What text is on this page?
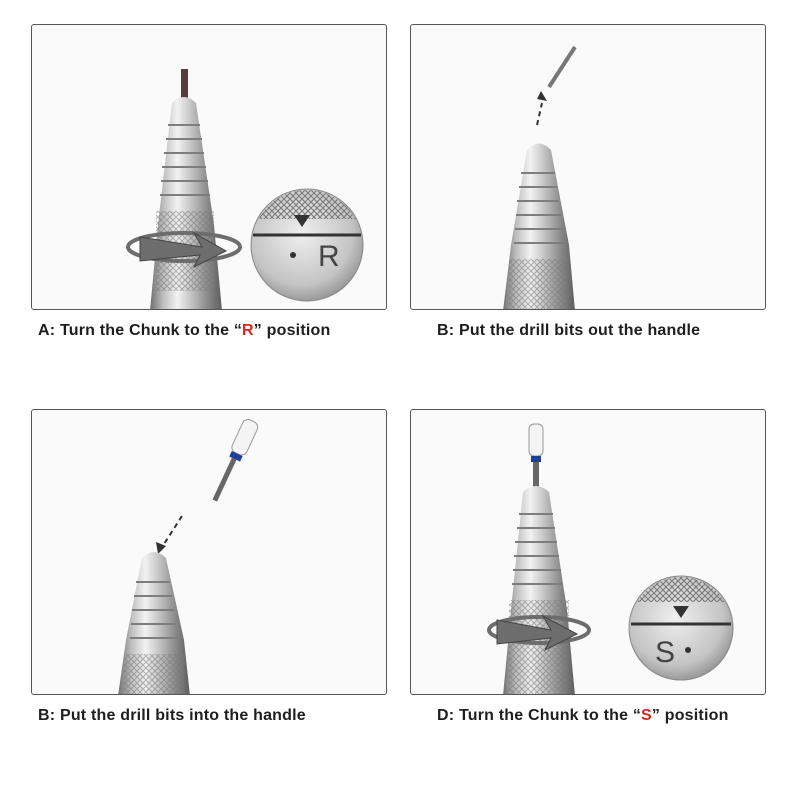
R
A: Turn the Chunk to the “R” position	B: Put the drill bits out the handle
B: Put the drill bits into the handle
S
D: Turn the Chunk to the “S” position
